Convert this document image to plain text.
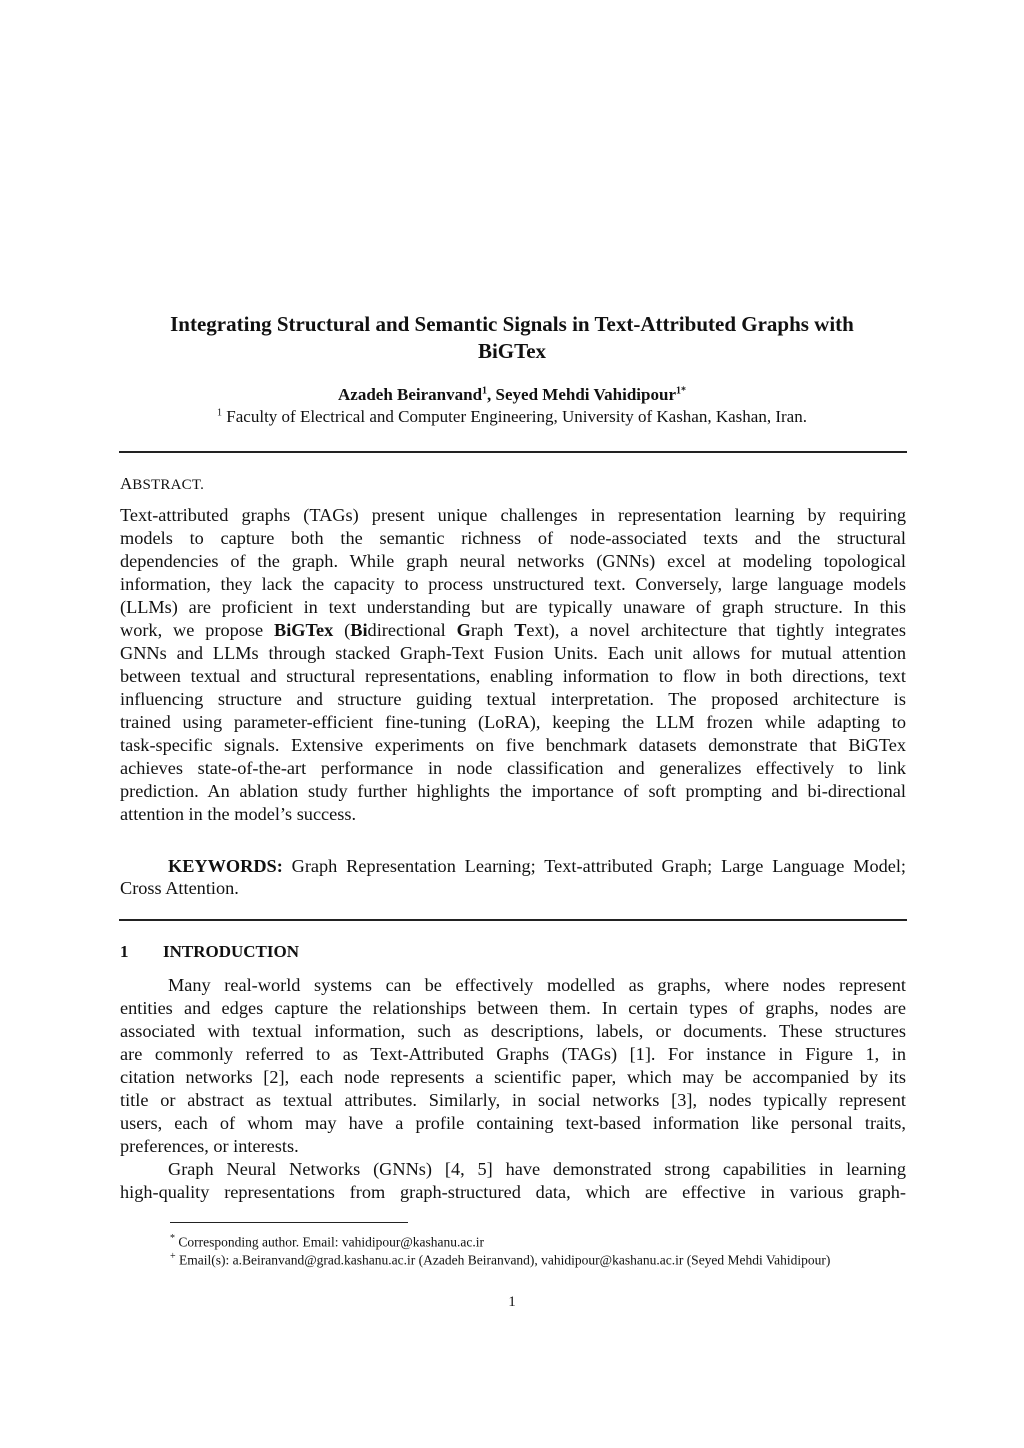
Integrating Structural and Semantic Signals in Text-Attributed Graphs with
BiGTex
Azadeh Beiranvand$^1$, Seyed Mehdi Vahidipour$^{1*}$
$^1$ Faculty of Electrical and Computer Engineering, University of Kashan, Kashan, Iran.
ABSTRACT.
Text-attributed graphs (TAGs) present unique challenges in representation learning by requiring
models to capture both the semantic richness of node-associated texts and the structural
dependencies of the graph. While graph neural networks (GNNs) excel at modeling topological
information, they lack the capacity to process unstructured text. Conversely, large language models
(LLMs) are proficient in text understanding but are typically unaware of graph structure. In this
work, we propose BiGTex (Bidirectional Graph Text), a novel architecture that tightly integrates
GNNs and LLMs through stacked Graph-Text Fusion Units. Each unit allows for mutual attention
between textual and structural representations, enabling information to flow in both directions, text
influencing structure and structure guiding textual interpretation. The proposed architecture is
trained using parameter-efficient fine-tuning (LoRA), keeping the LLM frozen while adapting to
task-specific signals. Extensive experiments on five benchmark datasets demonstrate that BiGTex
achieves state-of-the-art performance in node classification and generalizes effectively to link
prediction. An ablation study further highlights the importance of soft prompting and bi-directional
attention in the model’s success.
KEYWORDS: Graph Representation Learning; Text-attributed Graph; Large Language Model;
Cross Attention.
1 INTRODUCTION
Many real-world systems can be effectively modelled as graphs, where nodes represent
entities and edges capture the relationships between them. In certain types of graphs, nodes are
associated with textual information, such as descriptions, labels, or documents. These structures
are commonly referred to as Text-Attributed Graphs (TAGs) [1]. For instance in Figure 1, in
citation networks [2], each node represents a scientific paper, which may be accompanied by its
title or abstract as textual attributes. Similarly, in social networks [3], nodes typically represent
users, each of whom may have a profile containing text-based information like personal traits,
preferences, or interests.
Graph Neural Networks (GNNs) [4, 5] have demonstrated strong capabilities in learning
high-quality representations from graph-structured data, which are effective in various graph-
* Corresponding author. Email: vahidipour@kashanu.ac.ir
+ Email(s): a.Beiranvand@grad.kashanu.ac.ir (Azadeh Beiranvand), vahidipour@kashanu.ac.ir (Seyed Mehdi Vahidipour)
1
